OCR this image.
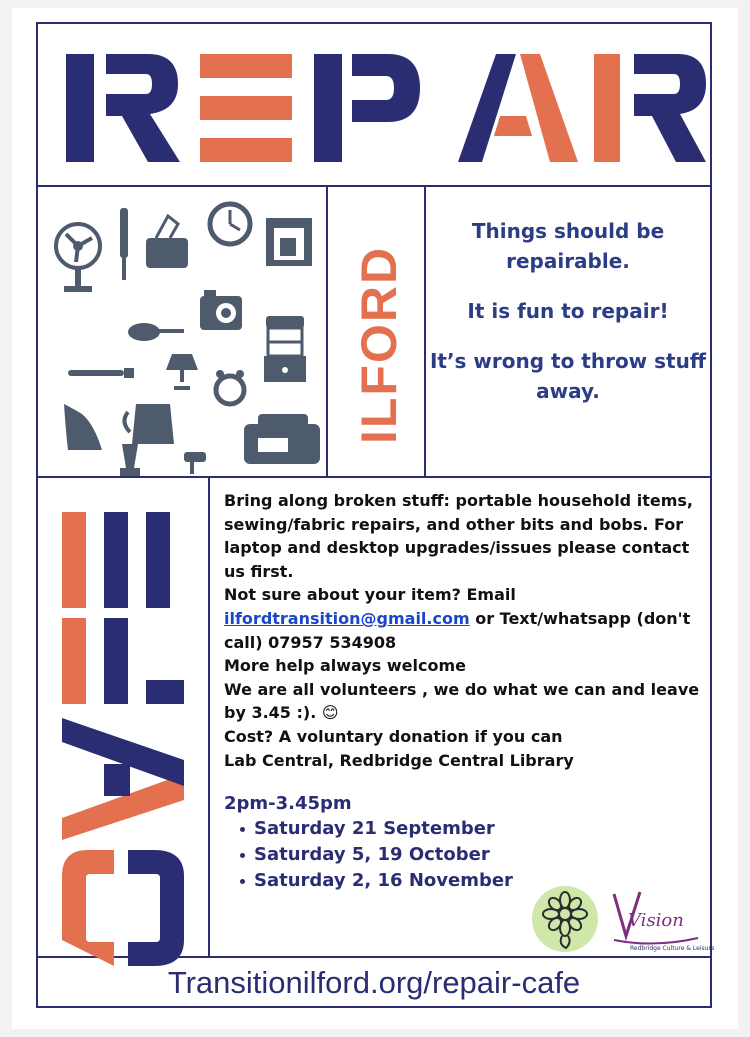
ILFORD

Things should be repairable.

It is fun to repair!

It’s wrong to throw stuff away.

Bring along broken stuff: portable household items, sewing/fabric repairs, and other bits and bobs. For laptop and desktop upgrades/issues please contact us first.

Not sure about your item? Email
ilfordtransition@gmail.com or Text/whatsapp (don't call) 07957 534908

More help always welcome

We are all volunteers , we do what we can and leave by 3.45 :). 😊

Cost? A voluntary donation if you can

Lab Central, Redbridge Central Library

2pm-3.45pm

Saturday 21 September
Saturday 5, 19 October
Saturday 2, 16 November
Vision
Redbridge Culture & Leisure
Transitionilford.org/repair-cafe
